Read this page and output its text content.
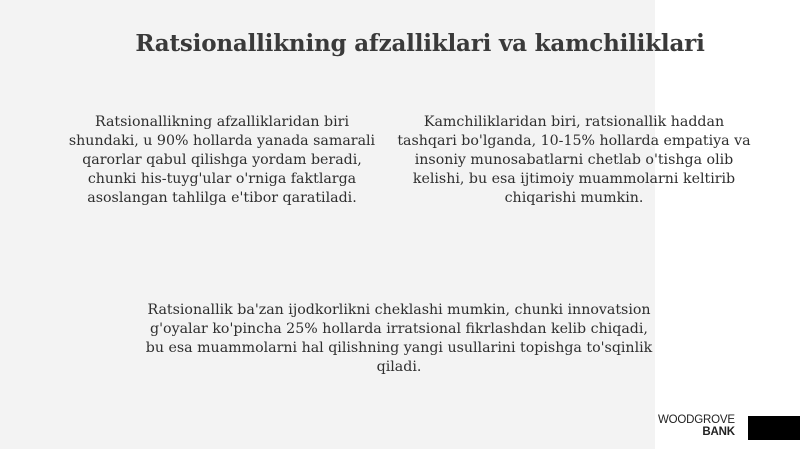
Ratsionallikning afzalliklari va kamchiliklari

Ratsionallikning afzalliklaridan biri shundaki, u 90% hollarda yanada samarali qarorlar qabul qilishga yordam beradi, chunki his-tuyg'ular o'rniga faktlarga asoslangan tahlilga e'tibor qaratiladi.

Kamchiliklaridan biri, ratsionallik haddan tashqari bo'lganda, 10-15% hollarda empatiya va insoniy munosabatlarni chetlab o'tishga olib kelishi, bu esa ijtimoiy muammolarni keltirib chiqarishi mumkin.

Ratsionallik ba'zan ijodkorlikni cheklashi mumkin, chunki innovatsion g'oyalar ko'pincha 25% hollarda irratsional fikrlashdan kelib chiqadi, bu esa muammolarni hal qilishning yangi usullarini topishga to'sqinlik qiladi.

WOODGROVE
BANK
